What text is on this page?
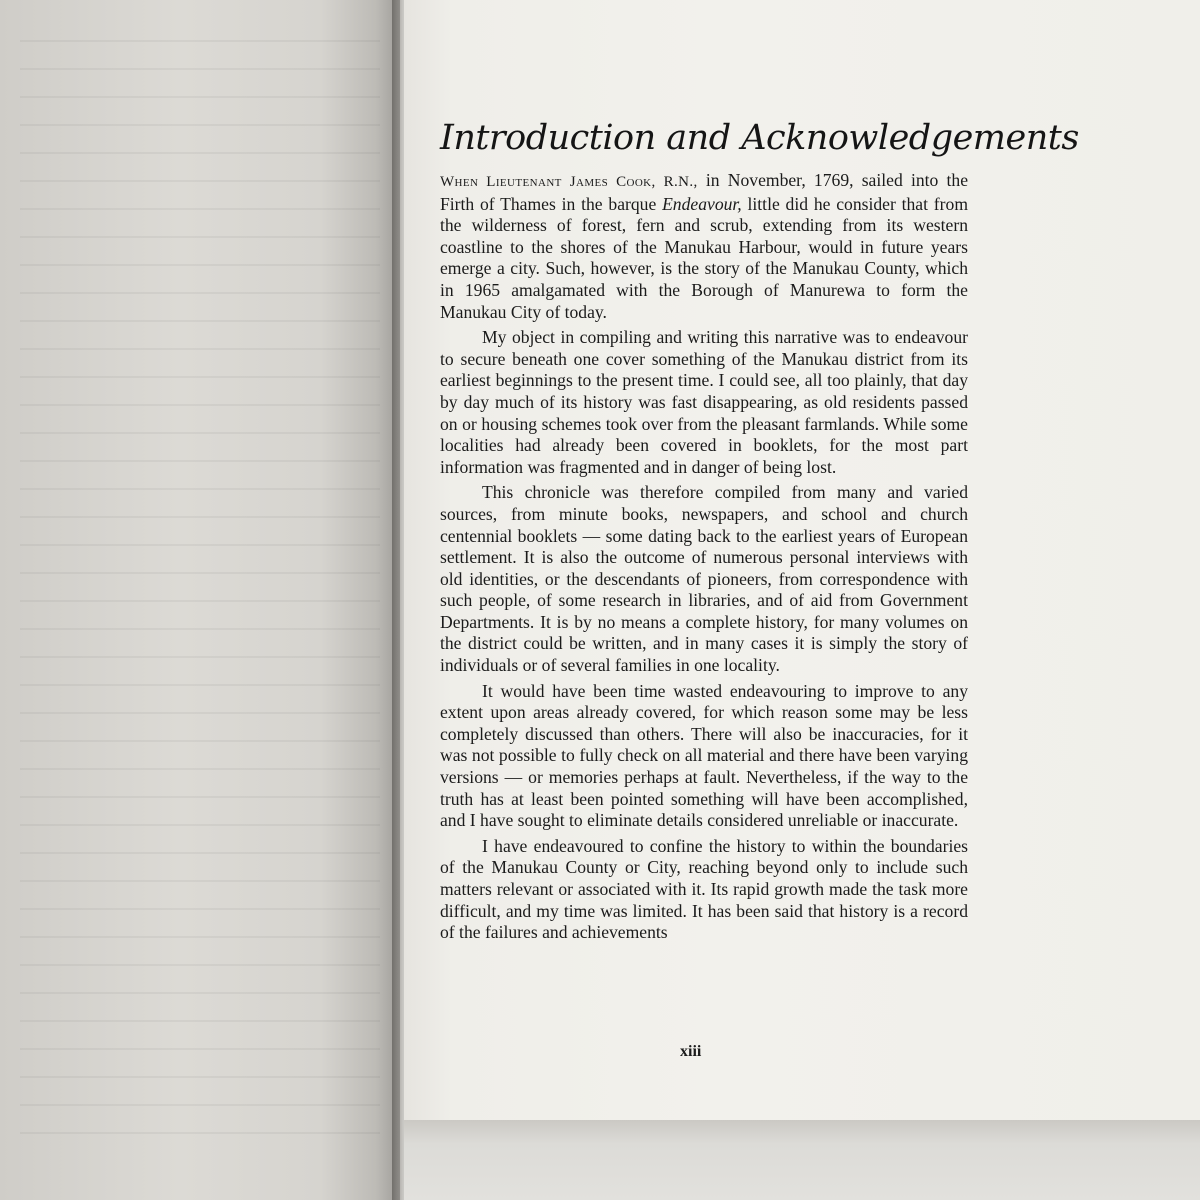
Introduction and Acknowledgements

When Lieutenant James Cook, R.N., in November, 1769, sailed into the Firth of Thames in the barque Endeavour, little did he consider that from the wilderness of forest, fern and scrub, extending from its western coastline to the shores of the Manukau Harbour, would in future years emerge a city. Such, however, is the story of the Manukau County, which in 1965 amalgamated with the Borough of Manurewa to form the Manukau City of today.

My object in compiling and writing this narrative was to endeavour to secure beneath one cover something of the Manukau district from its earliest beginnings to the present time. I could see, all too plainly, that day by day much of its history was fast disappearing, as old residents passed on or housing schemes took over from the pleasant farmlands. While some localities had already been covered in booklets, for the most part information was fragmented and in danger of being lost.

This chronicle was therefore compiled from many and varied sources, from minute books, newspapers, and school and church centennial booklets — some dating back to the earliest years of European settlement. It is also the outcome of numerous personal interviews with old identities, or the descendants of pioneers, from correspondence with such people, of some research in libraries, and of aid from Government Departments. It is by no means a complete history, for many volumes on the district could be written, and in many cases it is simply the story of individuals or of several families in one locality.

It would have been time wasted endeavouring to improve to any extent upon areas already covered, for which reason some may be less completely discussed than others. There will also be inaccuracies, for it was not possible to fully check on all material and there have been varying versions — or memories perhaps at fault. Nevertheless, if the way to the truth has at least been pointed something will have been accomplished, and I have sought to eliminate details considered unreliable or inaccurate.

I have endeavoured to confine the history to within the boundaries of the Manukau County or City, reaching beyond only to include such matters relevant or associated with it. Its rapid growth made the task more difficult, and my time was limited. It has been said that history is a record of the failures and achievements

xiii
